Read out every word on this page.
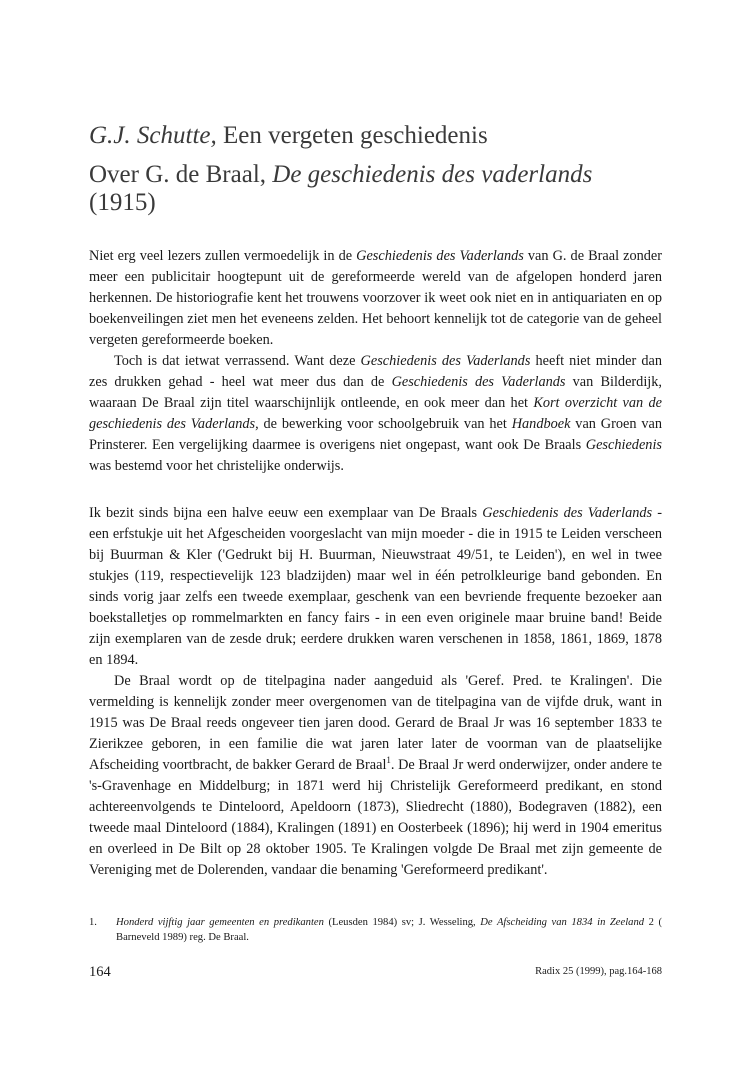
G.J. Schutte, Een vergeten geschiedenis
Over G. de Braal, De geschiedenis des vaderlands
(1915)

Niet erg veel lezers zullen vermoedelijk in de Geschiedenis des Vaderlands van G. de Braal zonder meer een publicitair hoogtepunt uit de gereformeerde wereld van de afgelopen honderd jaren herkennen. De historiografie kent het trouwens voorzover ik weet ook niet en in antiquariaten en op boekenveilingen ziet men het eveneens zelden. Het behoort kennelijk tot de categorie van de geheel vergeten gereformeerde boeken.

Toch is dat ietwat verrassend. Want deze Geschiedenis des Vaderlands heeft niet minder dan zes drukken gehad - heel wat meer dus dan de Geschiedenis des Vaderlands van Bilderdijk, waaraan De Braal zijn titel waarschijnlijk ontleende, en ook meer dan het Kort overzicht van de geschiedenis des Vaderlands, de bewerking voor schoolgebruik van het Handboek van Groen van Prinsterer. Een vergelijking daarmee is overigens niet ongepast, want ook De Braals Geschiedenis was bestemd voor het christelijke onderwijs.

Ik bezit sinds bijna een halve eeuw een exemplaar van De Braals Geschiedenis des Vaderlands - een erfstukje uit het Afgescheiden voorgeslacht van mijn moeder - die in 1915 te Leiden verscheen bij Buurman & Kler ('Gedrukt bij H. Buurman, Nieuwstraat 49/51, te Leiden'), en wel in twee stukjes (119, respectievelijk 123 bladzijden) maar wel in één petrolkleurige band gebonden. En sinds vorig jaar zelfs een tweede exemplaar, geschenk van een bevriende frequente bezoeker aan boekstalletjes op rommelmarkten en fancy fairs - in een even originele maar bruine band! Beide zijn exemplaren van de zesde druk; eerdere drukken waren verschenen in 1858, 1861, 1869, 1878 en 1894.

De Braal wordt op de titelpagina nader aangeduid als 'Geref. Pred. te Kralingen'. Die vermelding is kennelijk zonder meer overgenomen van de titelpagina van de vijfde druk, want in 1915 was De Braal reeds ongeveer tien jaren dood. Gerard de Braal Jr was 16 september 1833 te Zierikzee geboren, in een familie die wat jaren later later de voorman van de plaatselijke Afscheiding voortbracht, de bakker Gerard de Braal$^1$. De Braal Jr werd onderwijzer, onder andere te 's-Gravenhage en Middelburg; in 1871 werd hij Christelijk Gereformeerd predikant, en stond achtereenvolgends te Dinteloord, Apeldoorn (1873), Sliedrecht (1880), Bodegraven (1882), een tweede maal Dinteloord (1884), Kralingen (1891) en Oosterbeek (1896); hij werd in 1904 emeritus en overleed in De Bilt op 28 oktober 1905. Te Kralingen volgde De Braal met zijn gemeente de Vereniging met de Dolerenden, vandaar die benaming 'Gereformeerd predikant'.

1. Honderd vijftig jaar gemeenten en predikanten (Leusden 1984) sv; J. Wesseling, De Afscheiding van 1834 in Zeeland 2 ( Barneveld 1989) reg. De Braal.
164	Radix 25 (1999), pag.164-168
